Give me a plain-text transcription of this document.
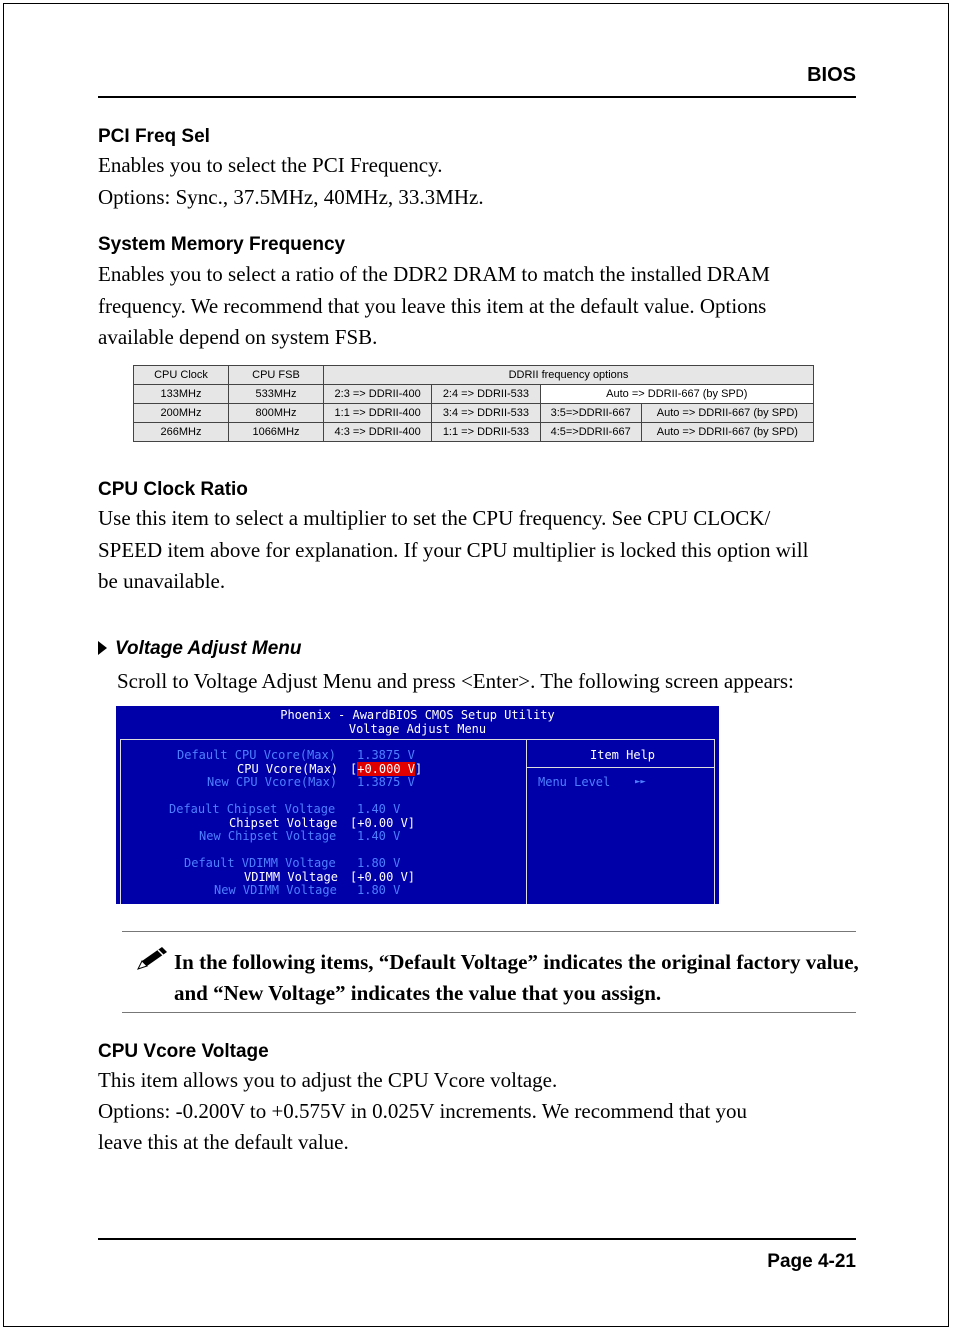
BIOS
PCI Freq Sel
Enables you to select the PCI Frequency.
Options: Sync., 37.5MHz, 40MHz, 33.3MHz.
System Memory Frequency
Enables you to select a ratio of the DDR2 DRAM to match the installed DRAM
frequency. We recommend that you leave this item at the default value. Options
available depend on system FSB.
CPU Clock	CPU FSB	DDRII frequency options			
133MHz	533MHz	2:3 => DDRII-400	2:4 => DDRII-533	Auto => DDRII-667 (by SPD)	
200MHz	800MHz	1:1 => DDRII-400	3:4 => DDRII-533	3:5=>DDRII-667	Auto => DDRII-667 (by SPD)
266MHz	1066MHz	4:3 => DDRII-400	1:1 => DDRII-533	4:5=>DDRII-667	Auto => DDRII-667 (by SPD)
CPU Clock Ratio
Use this item to select a multiplier to set the CPU frequency. See CPU CLOCK/
SPEED item above for explanation. If your CPU multiplier is locked this option will
be unavailable.
Voltage Adjust Menu
Scroll to Voltage Adjust Menu and press <Enter>. The following screen appears:
Phoenix - AwardBIOS CMOS Setup Utility
Voltage Adjust Menu
Default CPU Vcore(Max) 1.3875 V
CPU Vcore(Max) [+0.000 V]
New CPU Vcore(Max) 1.3875 V
Default Chipset Voltage 1.40 V
Chipset Voltage [+0.00 V]
New Chipset Voltage 1.40 V
Default VDIMM Voltage 1.80 V
VDIMM Voltage [+0.00 V]
New VDIMM Voltage 1.80 V
Item Help
Menu Level	►►
In the following items, “Default Voltage” indicates the original factory value, and “New Voltage” indicates the value that you assign.
CPU Vcore Voltage
This item allows you to adjust the CPU Vcore voltage.
Options: -0.200V to +0.575V in 0.025V increments. We recommend that you
leave this at the default value.
Page 4-21
